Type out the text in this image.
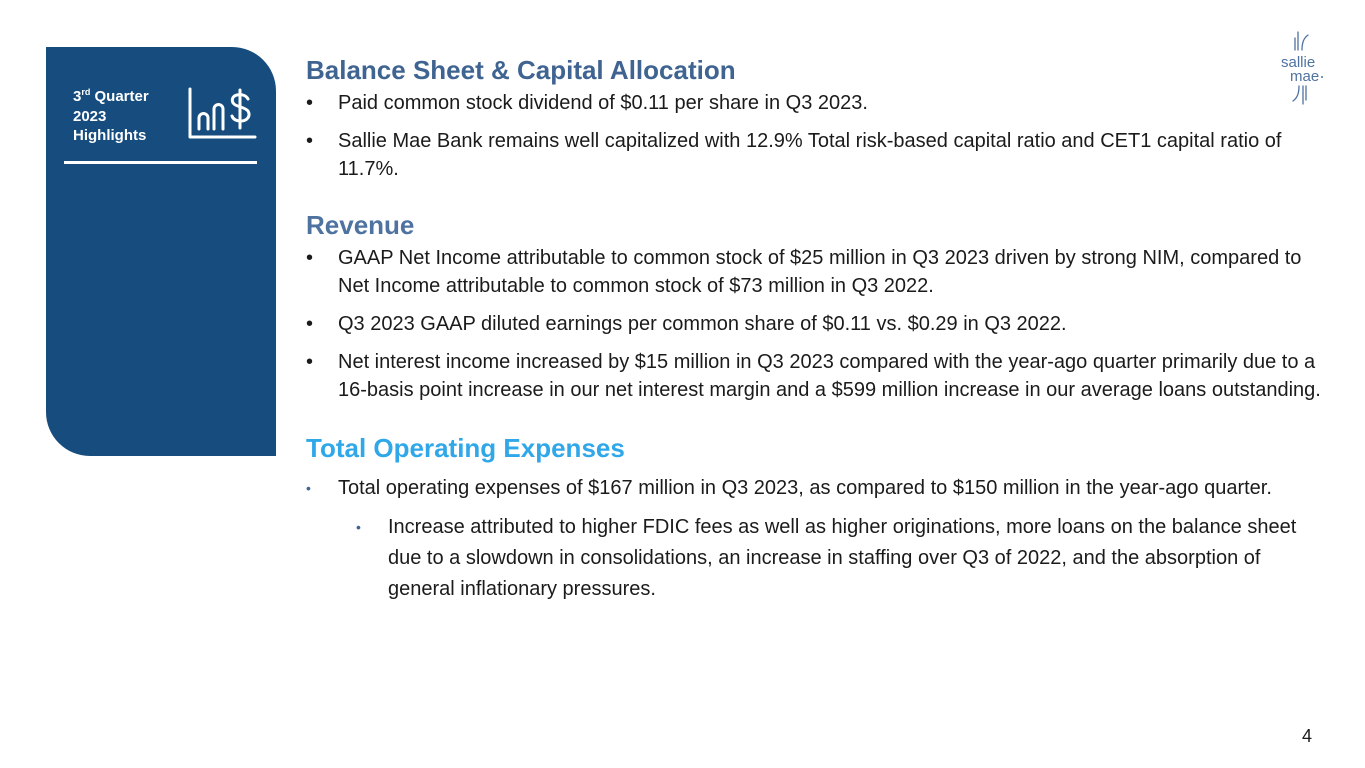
3rd Quarter
2023
Highlights
sallie
mae
Balance Sheet & Capital Allocation
• Paid common stock dividend of $0.11 per share in Q3 2023.
• Sallie Mae Bank remains well capitalized with 12.9% Total risk-based capital ratio and CET1 capital ratio of 11.7%.
Revenue
• GAAP Net Income attributable to common stock of $25 million in Q3 2023 driven by strong NIM, compared to Net Income attributable to common stock of $73 million in Q3 2022.
• Q3 2023 GAAP diluted earnings per common share of $0.11 vs. $0.29 in Q3 2022.
• Net interest income increased by $15 million in Q3 2023 compared with the year-ago quarter primarily due to a 16-basis point increase in our net interest margin and a $599 million increase in our average loans outstanding.
Total Operating Expenses
• Total operating expenses of $167 million in Q3 2023, as compared to $150 million in the year-ago quarter.
• Increase attributed to higher FDIC fees as well as higher originations, more loans on the balance sheet due to a slowdown in consolidations, an increase in staffing over Q3 of 2022, and the absorption of general inflationary pressures.
4
